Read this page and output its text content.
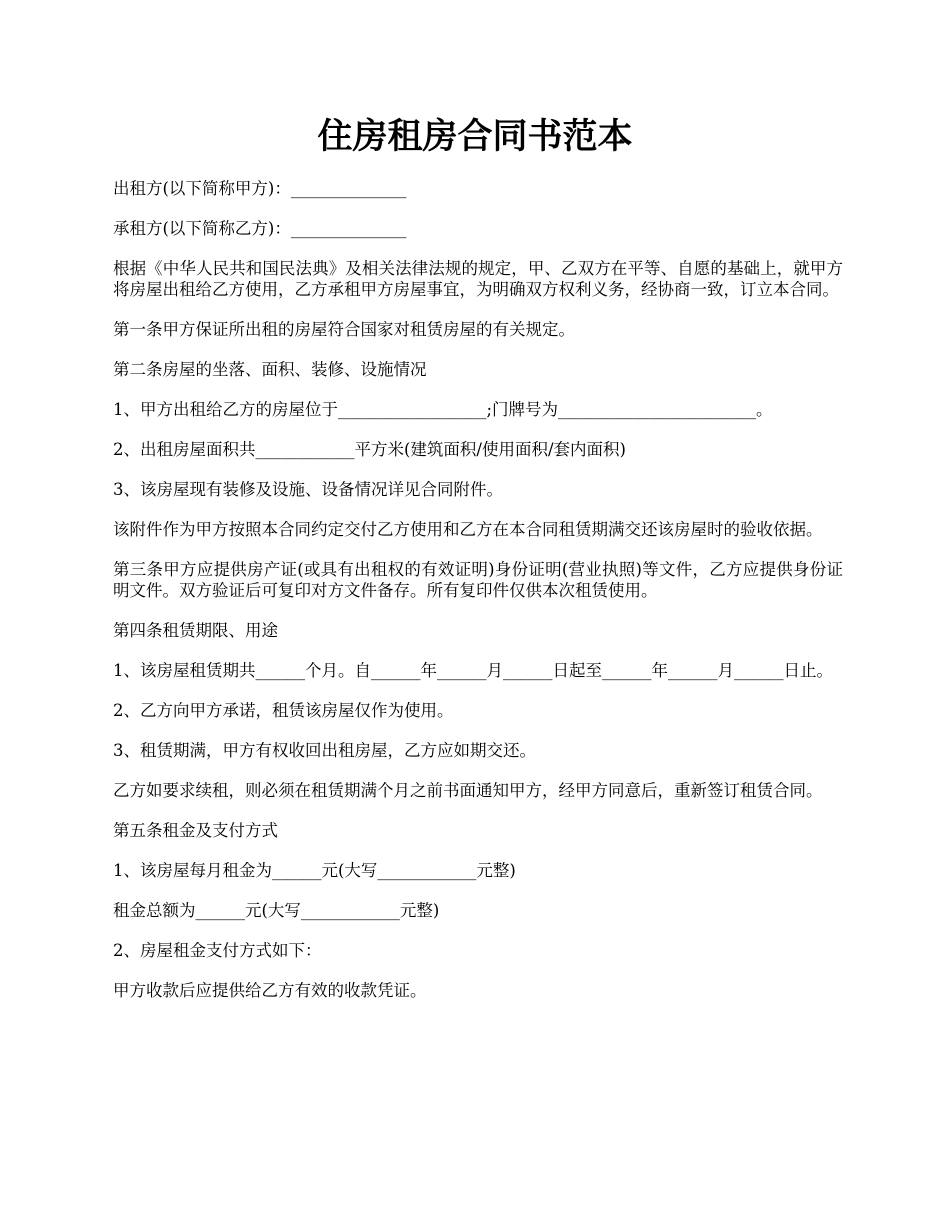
住房租房合同书范本

出租方(以下简称甲方)：______________

承租方(以下简称乙方)：______________

根据《中华人民共和国民法典》及相关法律法规的规定，甲、乙双方在平等、自愿的基础上，就甲方将房屋出租给乙方使用，乙方承租甲方房屋事宜，为明确双方权利义务，经协商一致，订立本合同。

第一条甲方保证所出租的房屋符合国家对租赁房屋的有关规定。

第二条房屋的坐落、面积、装修、设施情况

1、甲方出租给乙方的房屋位于__________________;门牌号为________________________。

2、出租房屋面积共____________平方米(建筑面积/使用面积/套内面积)

3、该房屋现有装修及设施、设备情况详见合同附件。

该附件作为甲方按照本合同约定交付乙方使用和乙方在本合同租赁期满交还该房屋时的验收依据。

第三条甲方应提供房产证(或具有出租权的有效证明)身份证明(营业执照)等文件，乙方应提供身份证明文件。双方验证后可复印对方文件备存。所有复印件仅供本次租赁使用。

第四条租赁期限、用途

1、该房屋租赁期共______个月。自______年______月______日起至______年______月______日止。

2、乙方向甲方承诺，租赁该房屋仅作为使用。

3、租赁期满，甲方有权收回出租房屋，乙方应如期交还。

乙方如要求续租，则必须在租赁期满个月之前书面通知甲方，经甲方同意后，重新签订租赁合同。

第五条租金及支付方式

1、该房屋每月租金为______元(大写____________元整)

租金总额为______元(大写____________元整)

2、房屋租金支付方式如下：

甲方收款后应提供给乙方有效的收款凭证。
